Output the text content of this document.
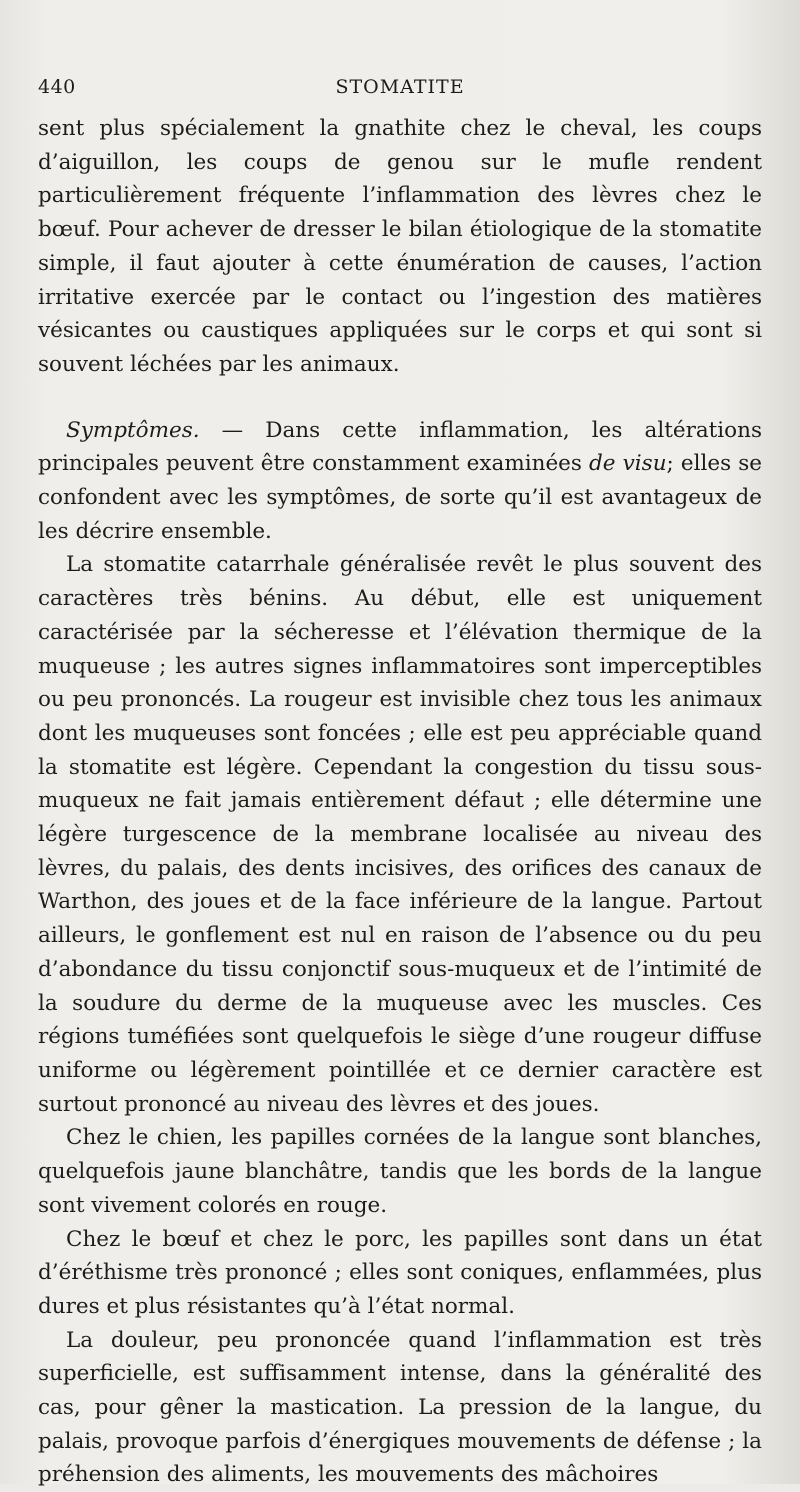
440	STOMATITE

sent plus spécialement la gnathite chez le cheval, les coups d’aiguillon, les coups de genou sur le mufle rendent particulièrement fréquente l’inflammation des lèvres chez le bœuf. Pour achever de dresser le bilan étiologique de la stomatite simple, il faut ajouter à cette énumération de causes, l’action irritative exercée par le contact ou l’ingestion des matières vésicantes ou caustiques appliquées sur le corps et qui sont si souvent léchées par les animaux.

Symptômes. — Dans cette inflammation, les altérations principales peuvent être constamment examinées de visu; elles se confondent avec les symptômes, de sorte qu’il est avantageux de les décrire ensemble.

La stomatite catarrhale généralisée revêt le plus souvent des caractères très bénins. Au début, elle est uniquement caractérisée par la sécheresse et l’élévation thermique de la muqueuse ; les autres signes inflammatoires sont imperceptibles ou peu prononcés. La rougeur est invisible chez tous les animaux dont les muqueuses sont foncées ; elle est peu appréciable quand la stomatite est légère. Cependant la congestion du tissu sous-muqueux ne fait jamais entièrement défaut ; elle détermine une légère turgescence de la membrane localisée au niveau des lèvres, du palais, des dents incisives, des orifices des canaux de Warthon, des joues et de la face inférieure de la langue. Partout ailleurs, le gonflement est nul en raison de l’absence ou du peu d’abondance du tissu conjonctif sous-muqueux et de l’intimité de la soudure du derme de la muqueuse avec les muscles. Ces régions tuméfiées sont quelquefois le siège d’une rougeur diffuse uniforme ou légèrement pointillée et ce dernier caractère est surtout prononcé au niveau des lèvres et des joues.

Chez le chien, les papilles cornées de la langue sont blanches, quelquefois jaune blanchâtre, tandis que les bords de la langue sont vivement colorés en rouge.

Chez le bœuf et chez le porc, les papilles sont dans un état d’éréthisme très prononcé ; elles sont coniques, enflammées, plus dures et plus résistantes qu’à l’état normal.

La douleur, peu prononcée quand l’inflammation est très superficielle, est suffisamment intense, dans la généralité des cas, pour gêner la mastication. La pression de la langue, du palais, provoque parfois d’énergiques mouvements de défense ; la préhension des aliments, les mouvements des mâchoires
